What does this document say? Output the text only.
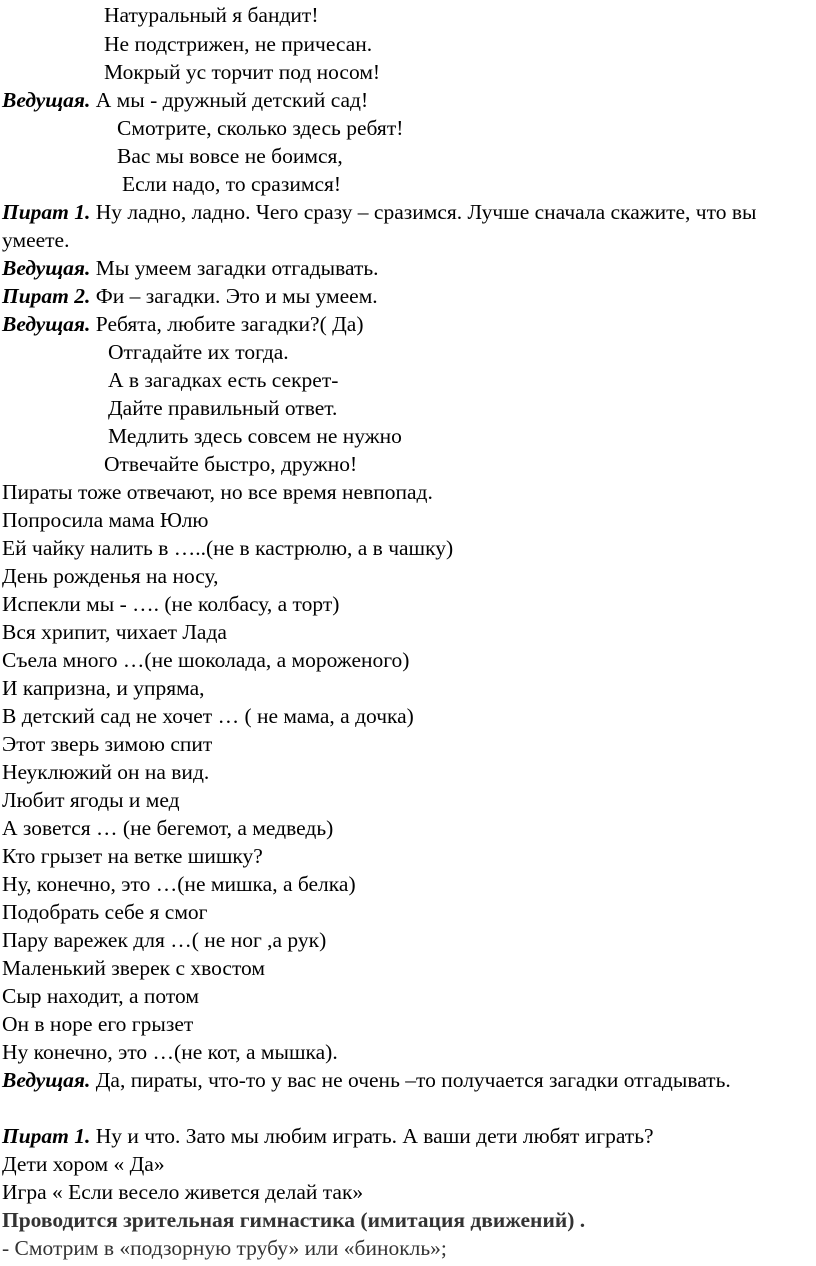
Натуральный я бандит!
Не подстрижен, не причесан.
Мокрый ус торчит под носом!
Ведущая. А мы - дружный детский сад!
Смотрите, сколько здесь ребят!
Вас мы вовсе не боимся,
Если надо, то сразимся!
Пират 1. Ну ладно, ладно. Чего сразу – сразимся. Лучше сначала скажите, что вы умеете.
Ведущая. Мы умеем загадки отгадывать.
Пират 2. Фи – загадки. Это и мы умеем.
Ведущая. Ребята, любите загадки?( Да)
Отгадайте их тогда.
А в загадках есть секрет-
Дайте правильный ответ.
Медлить здесь совсем не нужно
Отвечайте быстро, дружно!
Пираты тоже отвечают, но все время невпопад.
Попросила мама Юлю
Ей чайку налить в …..(не в кастрюлю, а в чашку)
День рожденья на носу,
Испекли мы - …. (не колбасу, а торт)
Вся хрипит, чихает Лада
Съела много …(не шоколада, а мороженого)
И капризна, и упряма,
В детский сад не хочет … ( не мама, а дочка)
Этот зверь зимою спит
Неуклюжий он на вид.
Любит ягоды и мед
А зовется … (не бегемот, а медведь)
Кто грызет на ветке шишку?
Ну, конечно, это …(не мишка, а белка)
Подобрать себе я смог
Пару варежек для …( не ног ,а рук)
Маленький зверек с хвостом
Сыр находит, а потом
Он в норе его грызет
Ну конечно, это …(не кот, а мышка).
Ведущая. Да, пираты, что-то у вас не очень –то получается загадки отгадывать.
Пират 1. Ну и что. Зато мы любим играть. А ваши дети любят играть?
Дети хором « Да»
Игра « Если весело живется делай так»
Проводится зрительная гимнастика (имитация движений) .
- Смотрим в «подзорную трубу» или «бинокль»;
